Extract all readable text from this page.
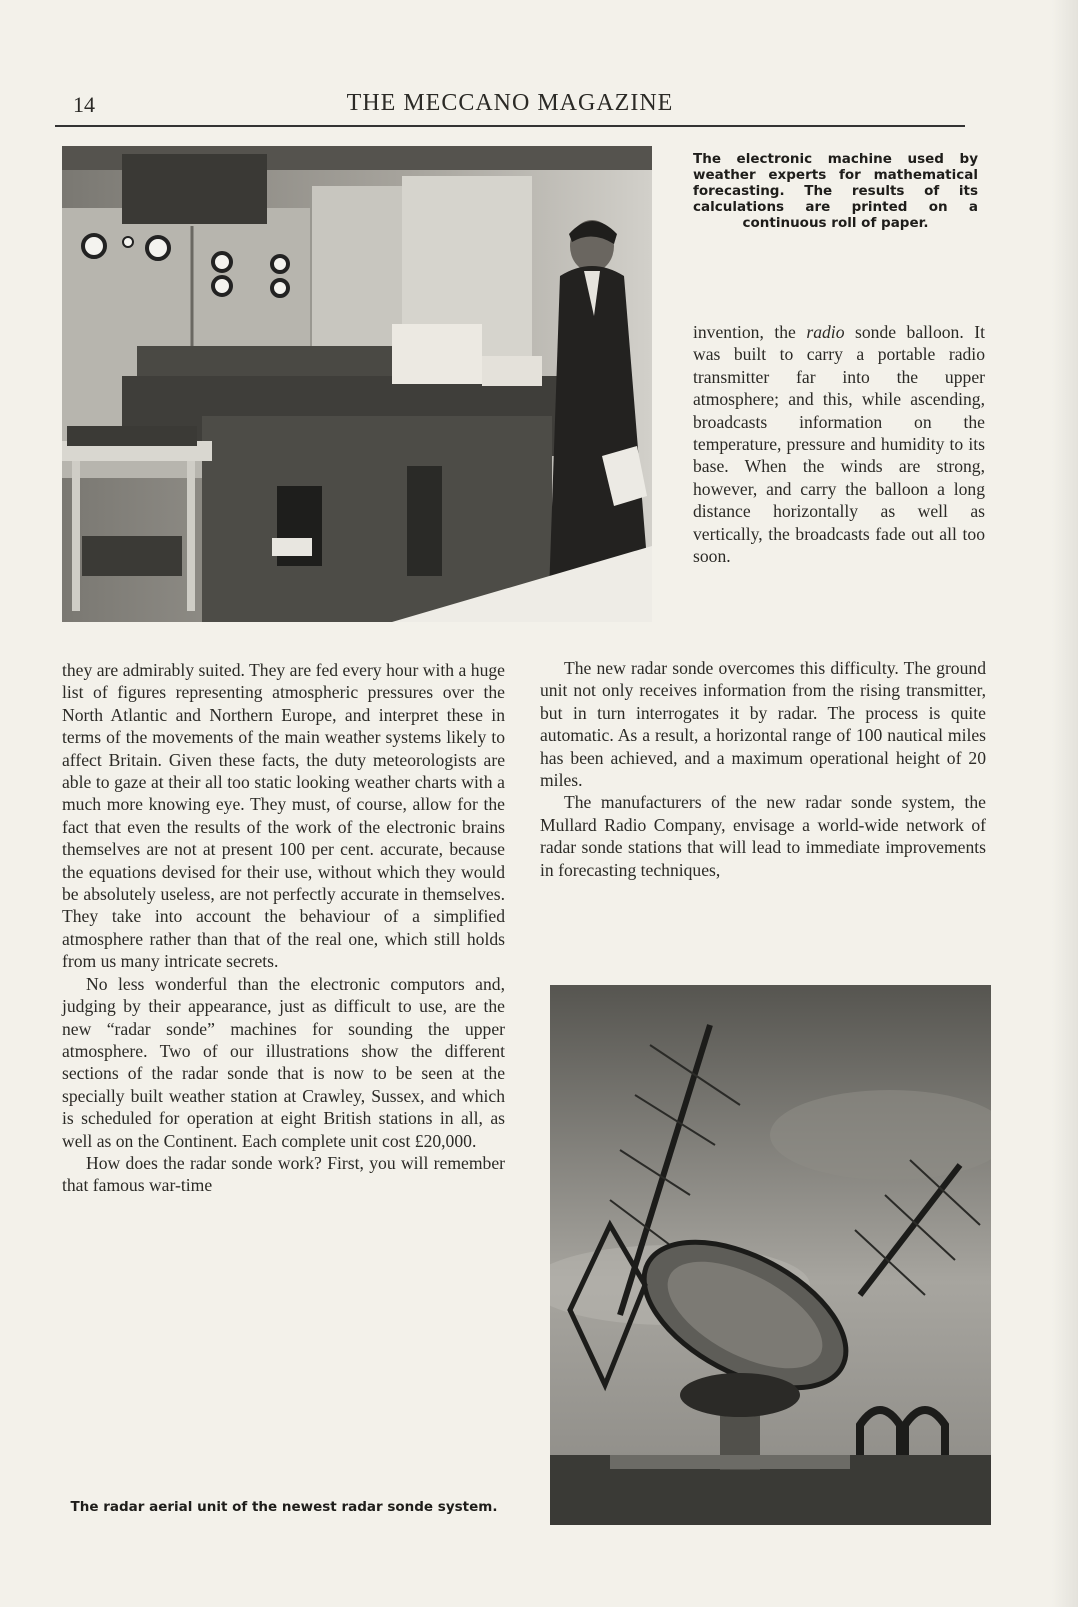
14	THE MECCANO MAGAZINE
The electronic machine used by weather experts for mathematical forecasting. The results of its calculations are printed on a continuous roll of paper.

invention, the radio sonde balloon. It was built to carry a portable radio transmitter far into the upper atmosphere; and this, while ascending, broadcasts information on the temperature, pressure and humidity to its base. When the winds are strong, however, and carry the balloon a long distance horizontally as well as vertically, the broadcasts fade out all too soon.

The new radar sonde overcomes this difficulty. The ground unit not only receives information from the rising transmitter, but in turn interrogates it by radar. The process is quite automatic. As a result, a horizontal range of 100 nautical miles has been achieved, and a maximum operational height of 20 miles.

The manufacturers of the new radar sonde system, the Mullard Radio Company, envisage a world-wide network of radar sonde stations that will lead to immediate improvements in forecasting techniques,

they are admirably suited. They are fed every hour with a huge list of figures representing atmospheric pressures over the North Atlantic and Northern Europe, and interpret these in terms of the movements of the main weather systems likely to affect Britain. Given these facts, the duty meteorologists are able to gaze at their all too static looking weather charts with a much more knowing eye. They must, of course, allow for the fact that even the results of the work of the electronic brains themselves are not at present 100 per cent. accurate, because the equations devised for their use, without which they would be absolutely useless, are not perfectly accurate in themselves. They take into account the behaviour of a simplified atmosphere rather than that of the real one, which still holds from us many intricate secrets.

No less wonderful than the electronic computors and, judging by their appearance, just as difficult to use, are the new “radar sonde” machines for sounding the upper atmosphere. Two of our illustrations show the different sections of the radar sonde that is now to be seen at the specially built weather station at Crawley, Sussex, and which is scheduled for operation at eight British stations in all, as well as on the Continent. Each complete unit cost £20,000.

How does the radar sonde work? First, you will remember that famous war-time

The radar aerial unit of the newest radar sonde system.
